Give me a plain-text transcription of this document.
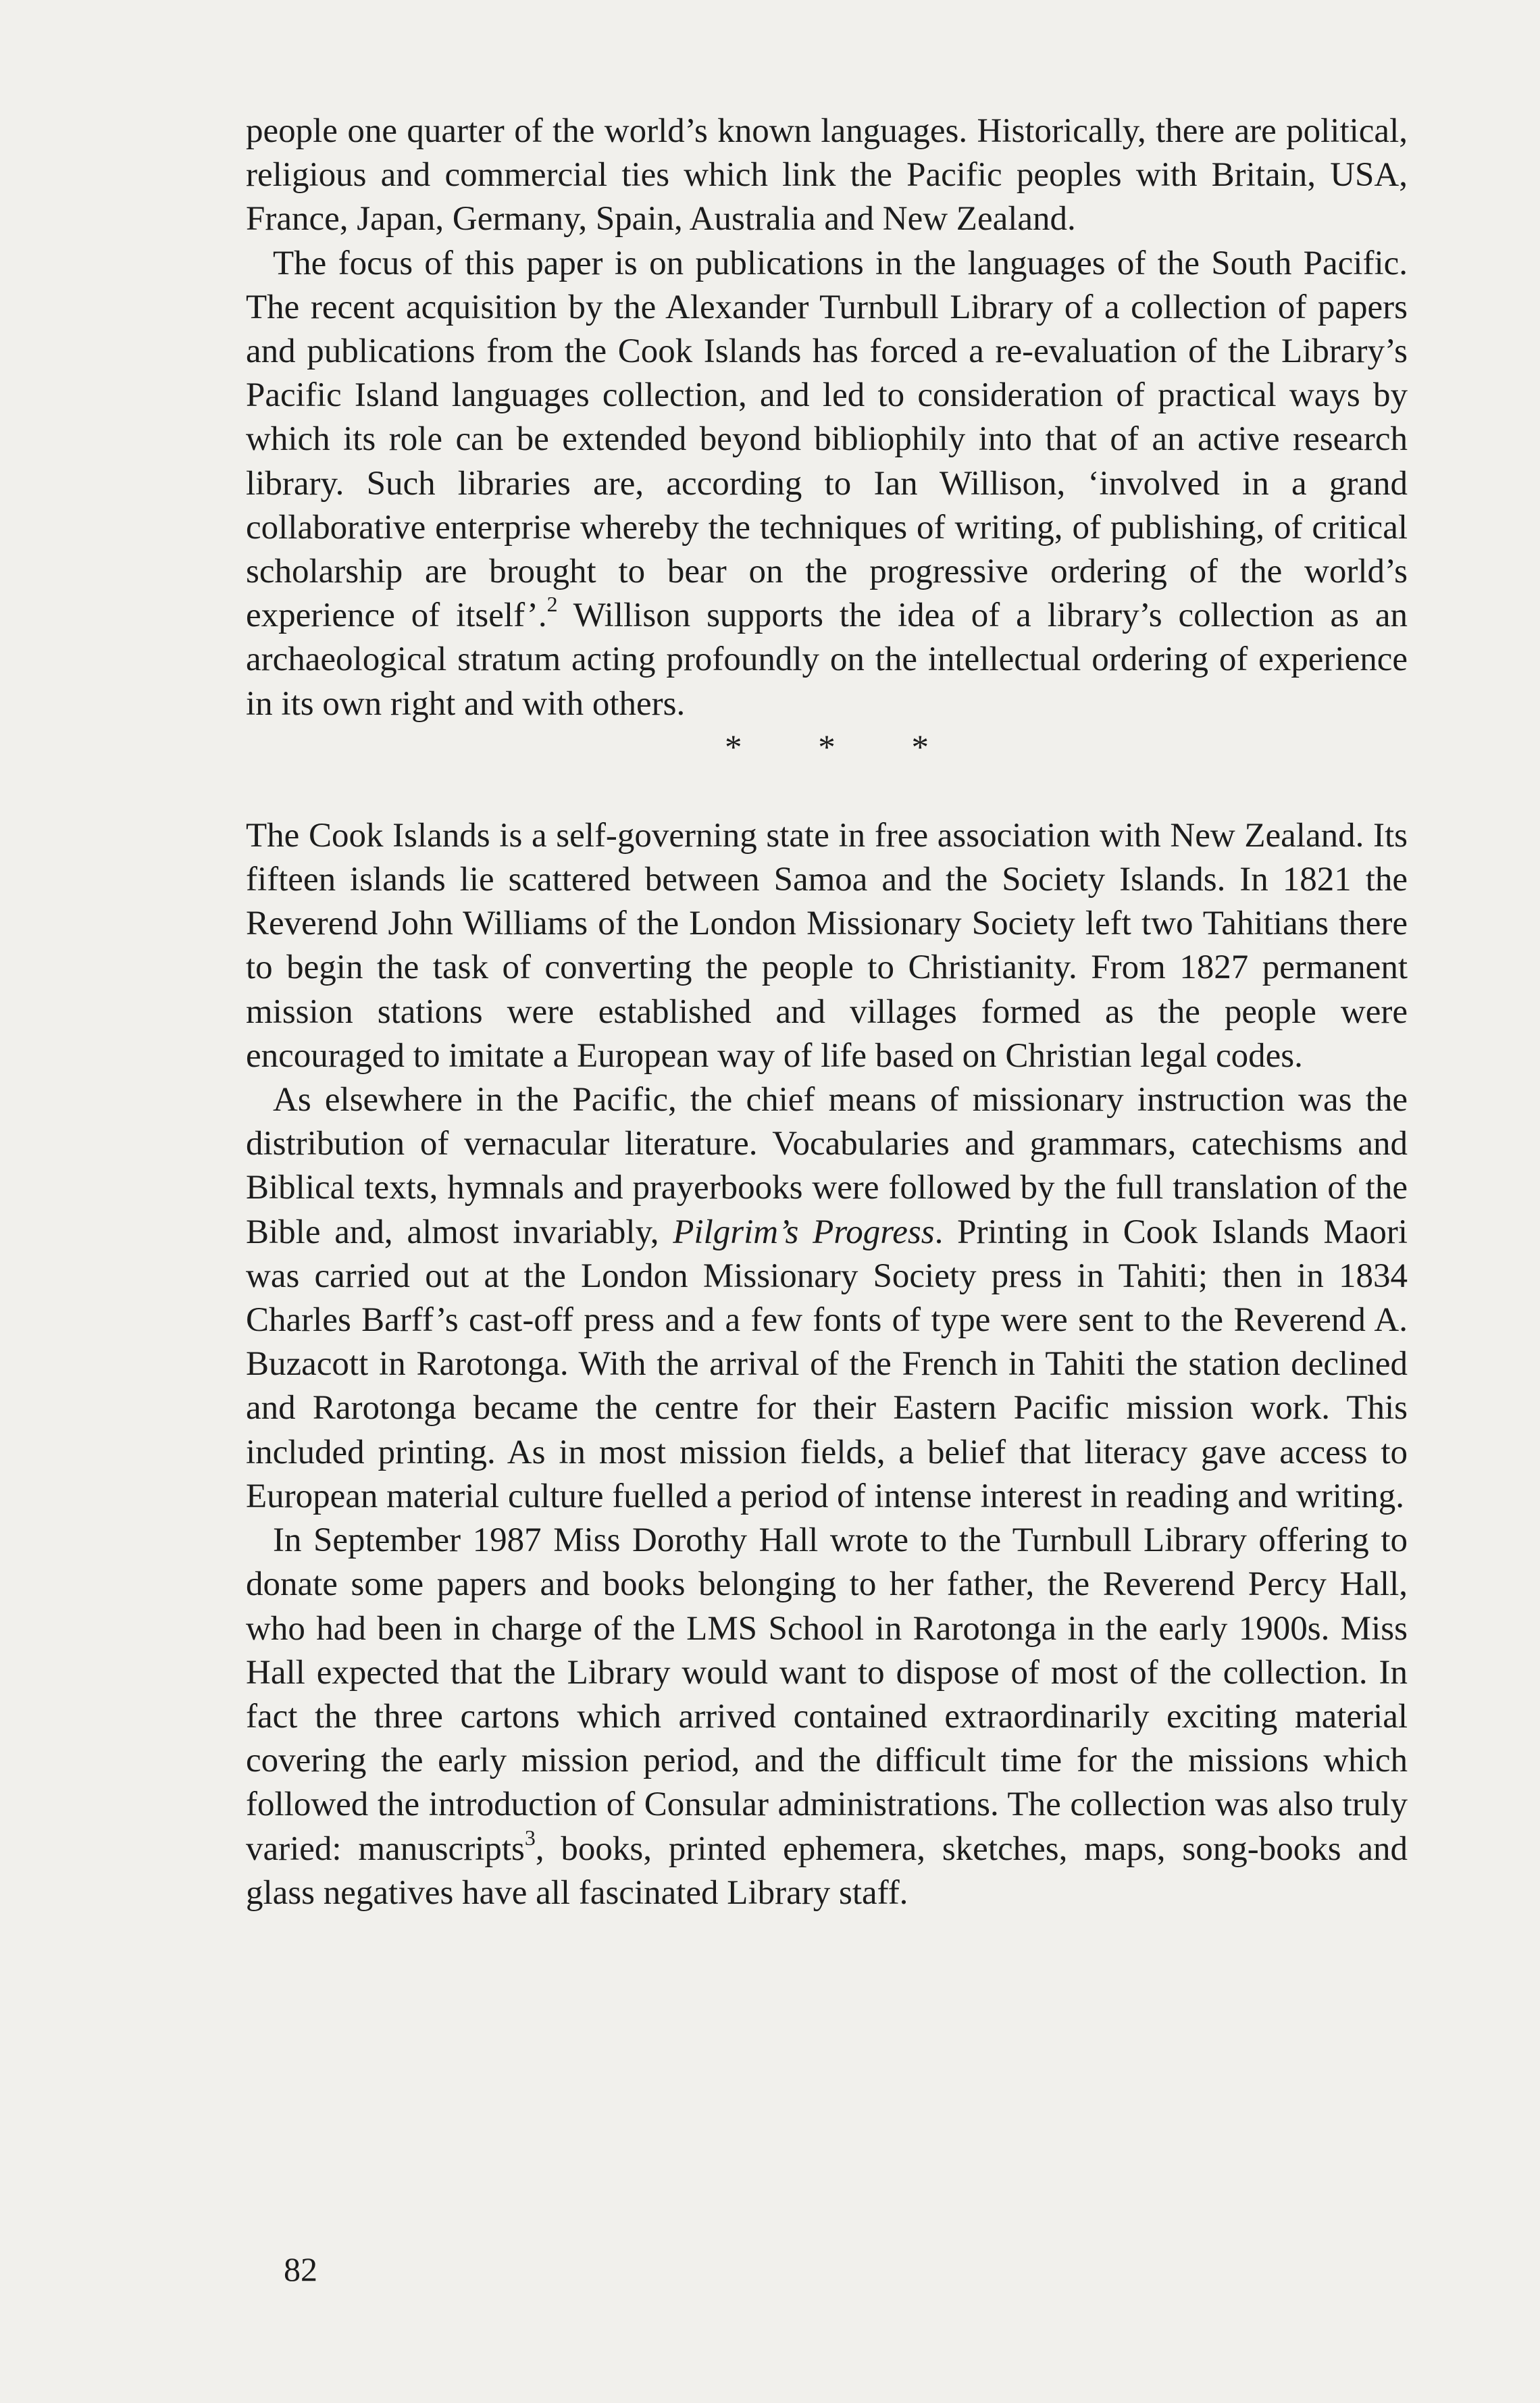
people one quarter of the world’s known languages. Historically, there are political, religious and commercial ties which link the Pacific peoples with Britain, USA, France, Japan, Germany, Spain, Australia and New Zealand.

The focus of this paper is on publications in the languages of the South Pacific. The recent acquisition by the Alexander Turnbull Library of a collection of papers and publications from the Cook Islands has forced a re-evaluation of the Library’s Pacific Island languages collection, and led to consideration of practical ways by which its role can be extended beyond bibliophily into that of an active research library. Such libraries are, according to Ian Willison, ‘involved in a grand collaborative enterprise whereby the techniques of writing, of publishing, of critical scholarship are brought to bear on the progressive ordering of the world’s experience of itself’.$^2$ Willison supports the idea of a library’s collection as an archaeological stratum acting profoundly on the intellectual ordering of experience in its own right and with others.

* * *

The Cook Islands is a self-governing state in free association with New Zealand. Its fifteen islands lie scattered between Samoa and the Society Islands. In 1821 the Reverend John Williams of the London Missionary Society left two Tahitians there to begin the task of converting the people to Christianity. From 1827 permanent mission stations were established and villages formed as the people were encouraged to imitate a European way of life based on Christian legal codes.

As elsewhere in the Pacific, the chief means of missionary instruction was the distribution of vernacular literature. Vocabularies and grammars, catechisms and Biblical texts, hymnals and prayerbooks were followed by the full translation of the Bible and, almost invariably, Pilgrim’s Progress. Printing in Cook Islands Maori was carried out at the London Missionary Society press in Tahiti; then in 1834 Charles Barff’s cast-off press and a few fonts of type were sent to the Reverend A. Buzacott in Rarotonga. With the arrival of the French in Tahiti the station declined and Rarotonga became the centre for their Eastern Pacific mission work. This included printing. As in most mission fields, a belief that literacy gave access to European material culture fuelled a period of intense interest in reading and writing.

In September 1987 Miss Dorothy Hall wrote to the Turnbull Library offering to donate some papers and books belonging to her father, the Reverend Percy Hall, who had been in charge of the LMS School in Rarotonga in the early 1900s. Miss Hall expected that the Library would want to dispose of most of the collection. In fact the three cartons which arrived contained extraordinarily exciting material covering the early mission period, and the difficult time for the missions which followed the introduction of Consular administrations. The collection was also truly varied: manuscripts$^3$, books, printed ephemera, sketches, maps, song-books and glass negatives have all fascinated Library staff.

82
